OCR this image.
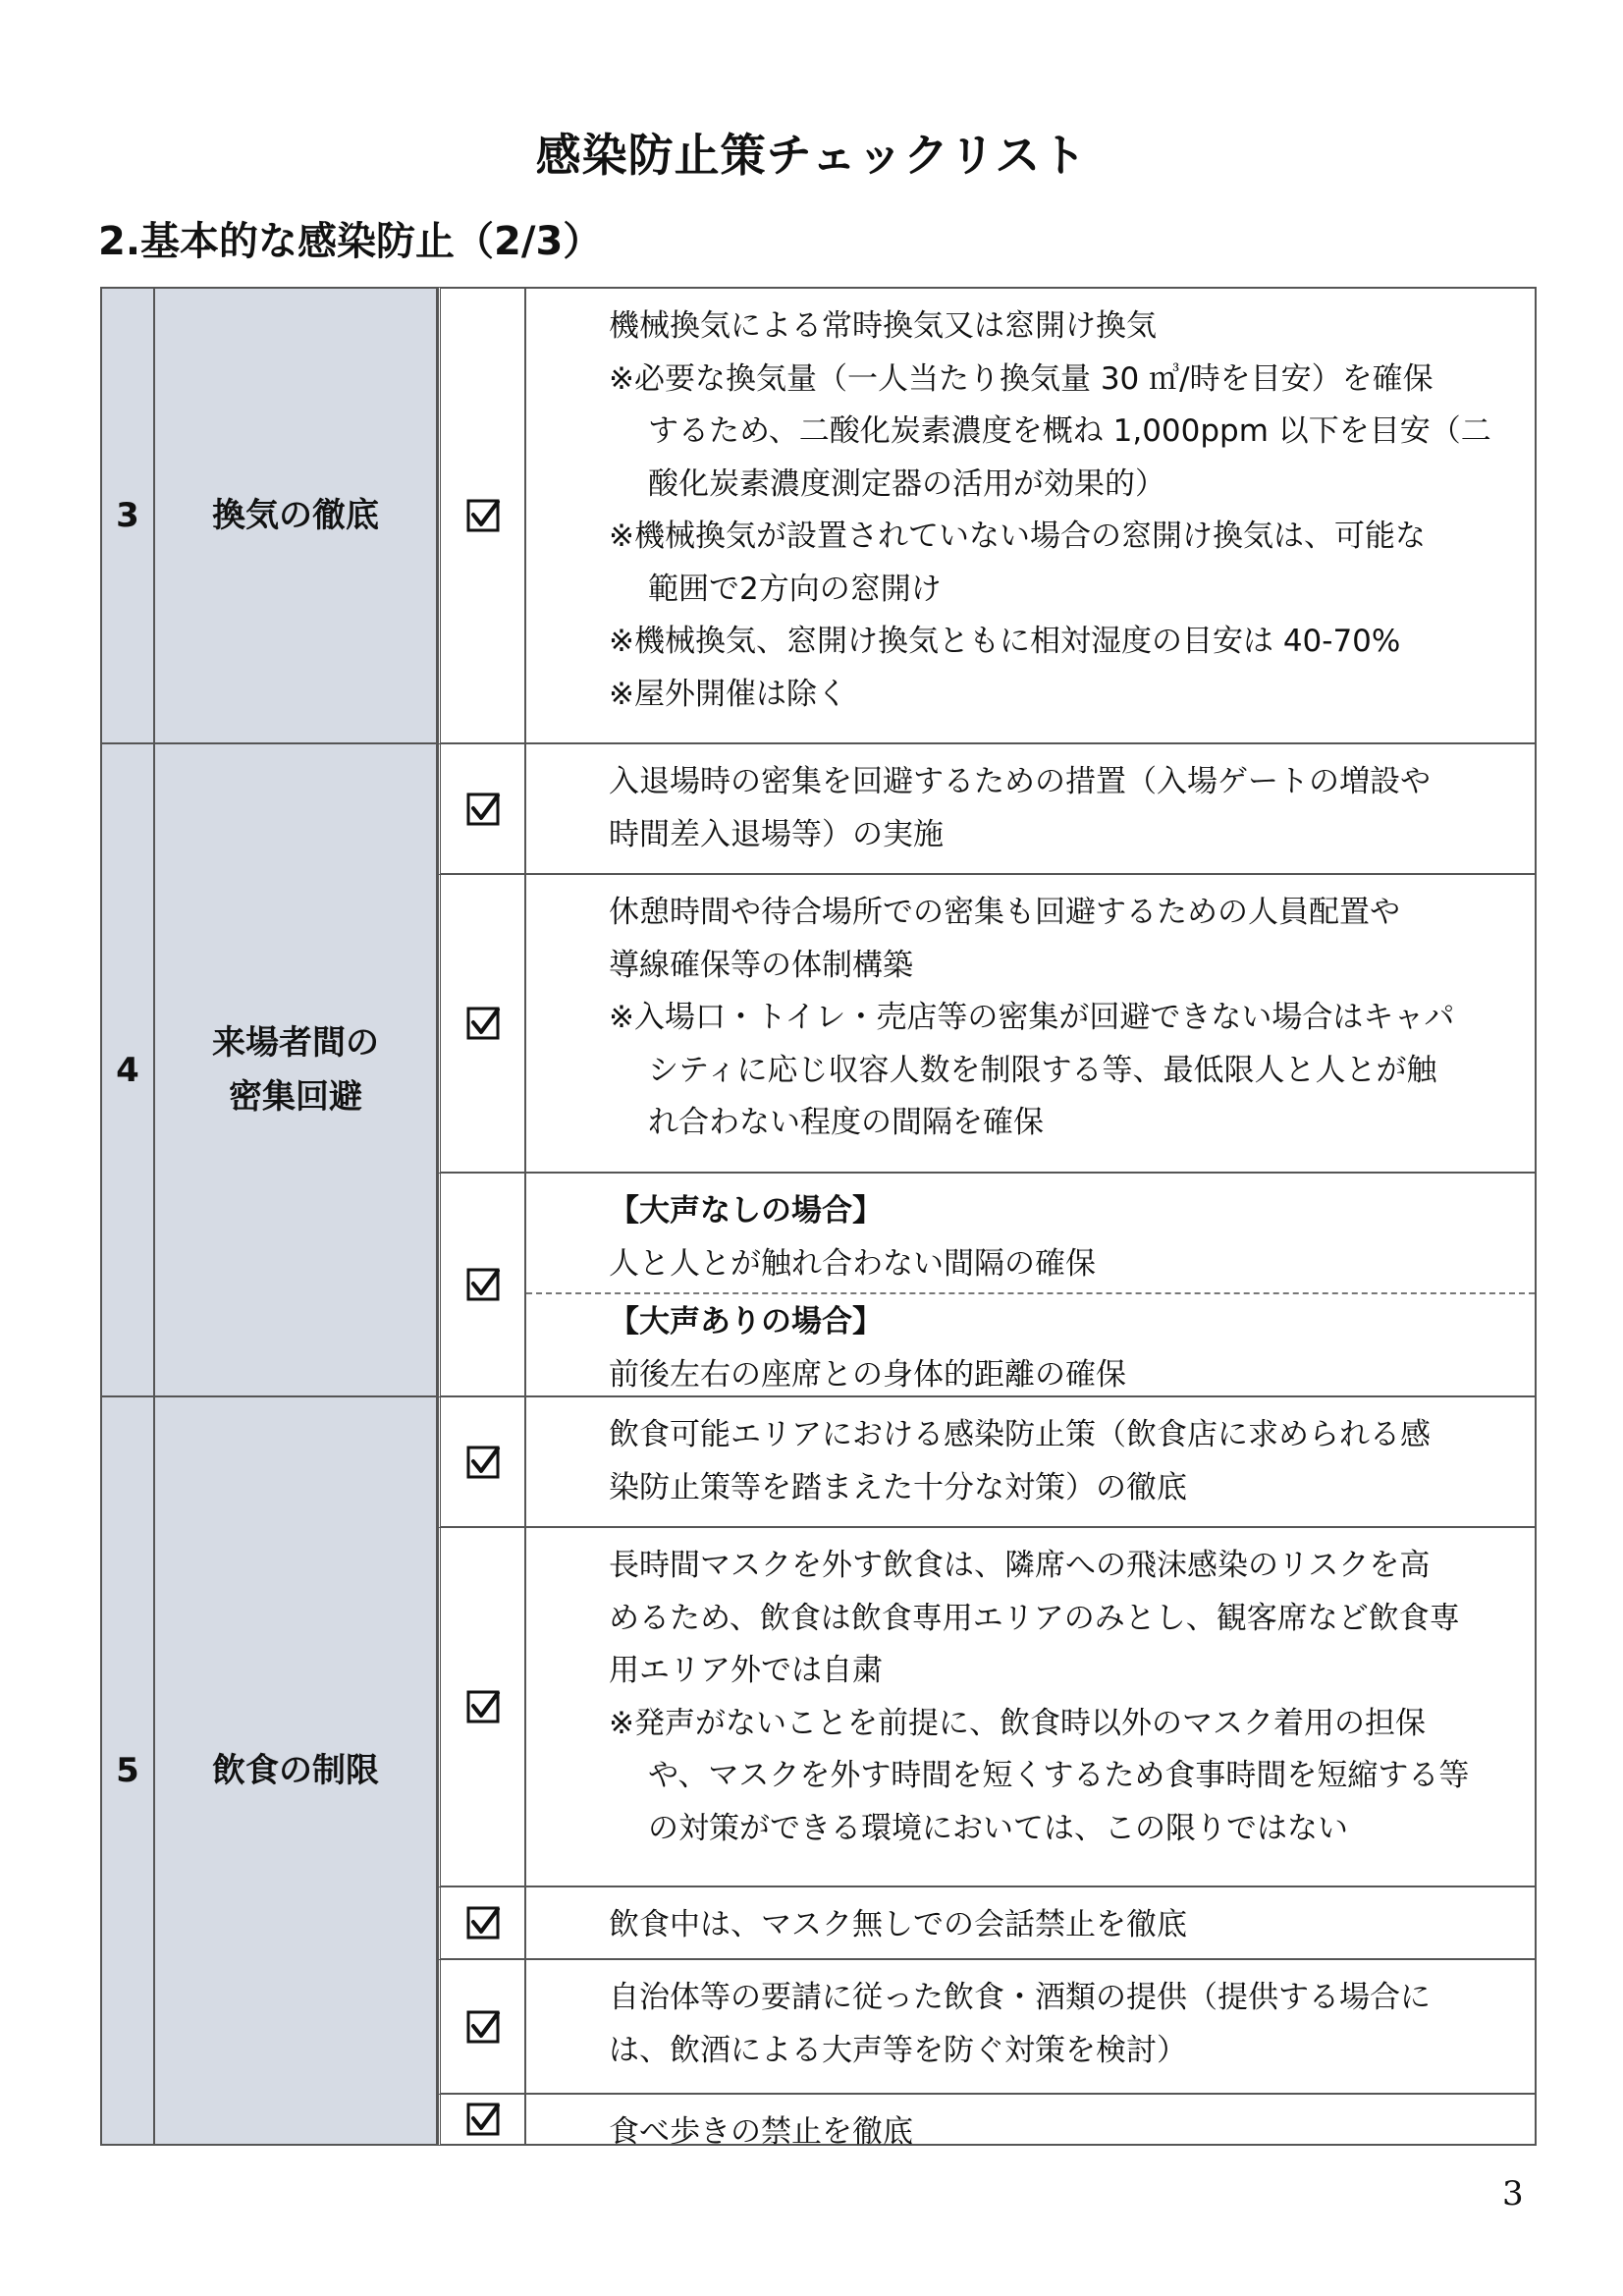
感染防止策チェックリスト
2.基本的な感染防止（2/3）
3	換気の徹底
機械換気による常時換気又は窓開け換気
※必要な換気量（一人当たり換気量 30 ㎥/時を目安）を確保
するため、二酸化炭素濃度を概ね 1,000ppm 以下を目安（二
酸化炭素濃度測定器の活用が効果的）
※機械換気が設置されていない場合の窓開け換気は、可能な
範囲で2方向の窓開け
※機械換気、窓開け換気ともに相対湿度の目安は 40-70%
※屋外開催は除く
4
来場者間の
密集回避
入退場時の密集を回避するための措置（入場ゲートの増設や
時間差入退場等）の実施
休憩時間や待合場所での密集も回避するための人員配置や
導線確保等の体制構築
※入場口・トイレ・売店等の密集が回避できない場合はキャパ
シティに応じ収容人数を制限する等、最低限人と人とが触
れ合わない程度の間隔を確保
【大声なしの場合】
人と人とが触れ合わない間隔の確保
【大声ありの場合】
前後左右の座席との身体的距離の確保
5	飲食の制限
飲食可能エリアにおける感染防止策（飲食店に求められる感
染防止策等を踏まえた十分な対策）の徹底
長時間マスクを外す飲食は、隣席への飛沫感染のリスクを高
めるため、飲食は飲食専用エリアのみとし、観客席など飲食専
用エリア外では自粛
※発声がないことを前提に、飲食時以外のマスク着用の担保
や、マスクを外す時間を短くするため食事時間を短縮する等
の対策ができる環境においては、この限りではない
飲食中は、マスク無しでの会話禁止を徹底
自治体等の要請に従った飲食・酒類の提供（提供する場合に
は、飲酒による大声等を防ぐ対策を検討）
食べ歩きの禁止を徹底
3
